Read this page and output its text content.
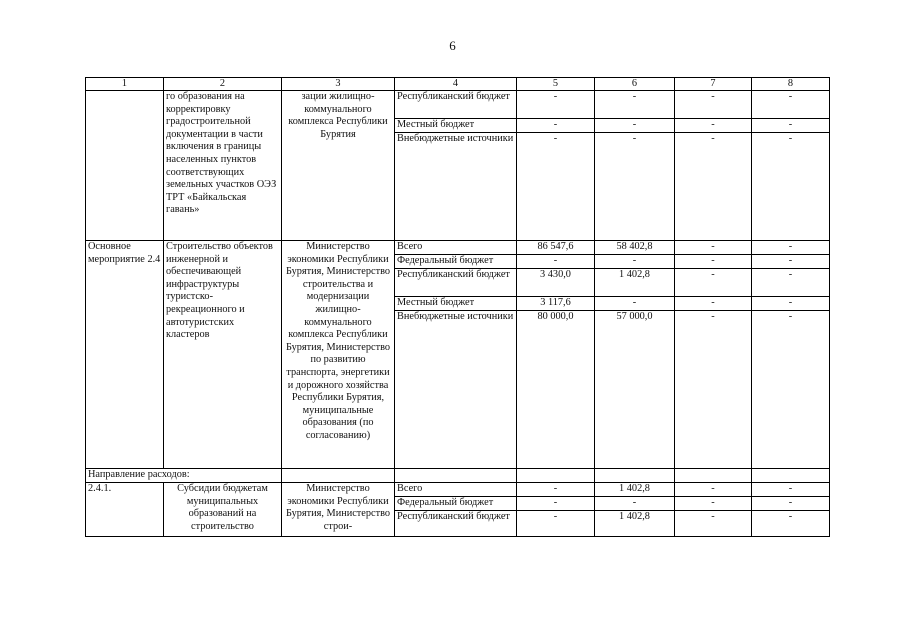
6
1	2	3	4	5	6	7	8
	го образования на корректировку градостроительной документации в части включения в границы населенных пунктов соответствующих земельных участков ОЭЗ ТРТ «Байкальская гавань»	зации жилищно-коммунального комплекса Республики Бурятия	Республиканский бюджет	-	-	-	-
			Местный бюджет	-	-	-	-
			Внебюджетные источники	-	-	-	-
Основное мероприятие 2.4	Строительство объектов инженерной и обеспечивающей инфраструктуры туристско-рекреационного и автотуристских кластеров	Министерство экономики Республики Бурятия, Министерство строительства и модернизации жилищно-коммунального комплекса Республики Бурятия, Министерство по развитию транспорта, энергетики и дорожного хозяйства Республики Бурятия, муниципальные образования (по согласованию)	Всего	86 547,6	58 402,8	-	-
			Федеральный бюджет	-	-	-	-
			Республиканский бюджет	3 430,0	1 402,8	-	-
			Местный бюджет	3 117,6	-	-	-
			Внебюджетные источники	80 000,0	57 000,0	-	-
Направление расходов:							
2.4.1.	Субсидии бюджетам муниципальных образований на строительство	Министерство экономики Республики Бурятия, Министерство строи-	Всего	-	1 402,8	-	-
			Федеральный бюджет	-	-	-	-
			Республиканский бюджет	-	1 402,8	-	-
